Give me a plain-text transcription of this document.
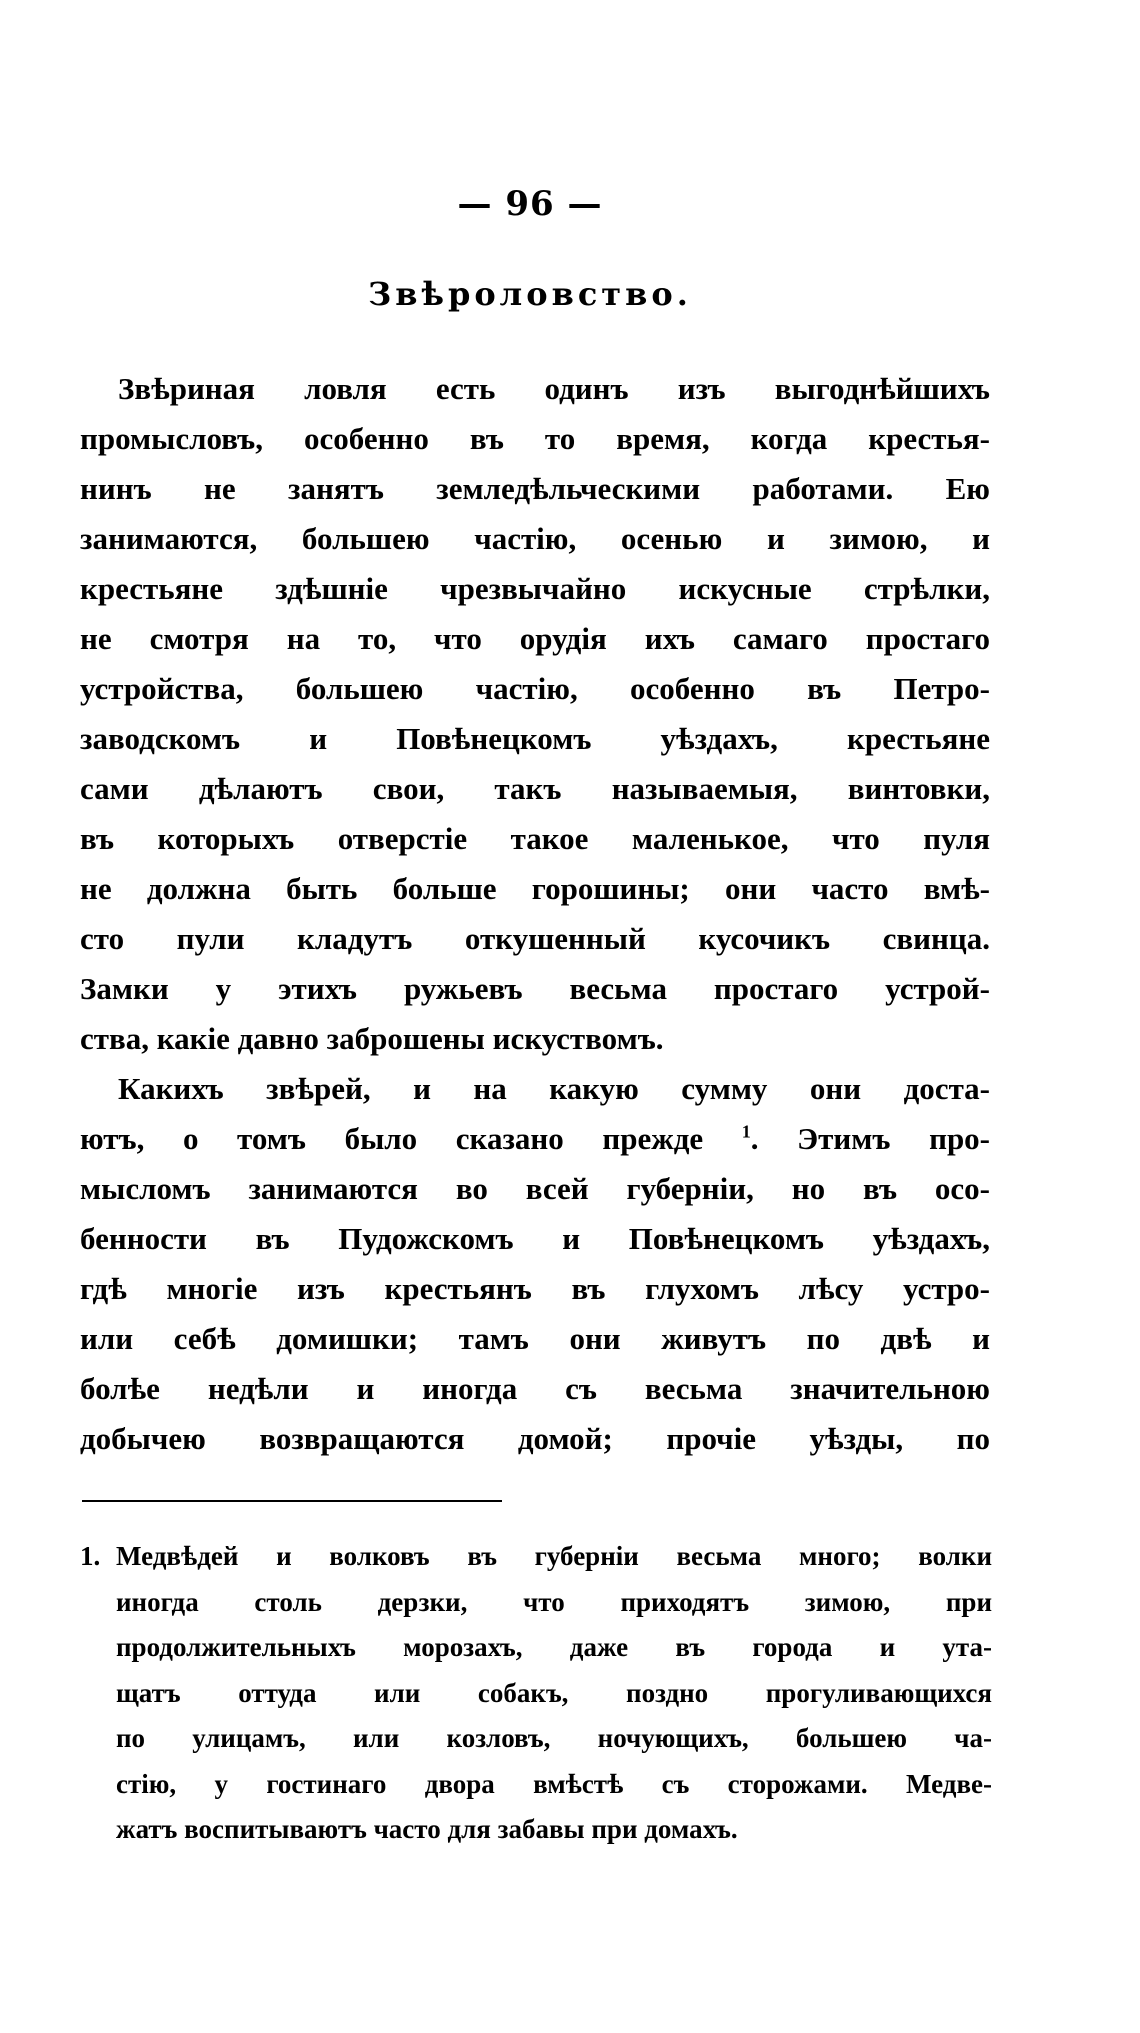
— 96 —
Звѣроловство.
Звѣриная ловля есть одинъ изъ выгоднѣйшихъ
промысловъ, особенно въ то время, когда крестья-
нинъ не занятъ земледѣльческими работами. Ею
занимаются, большею частію, осенью и зимою, и
крестьяне здѣшніе чрезвычайно искусные стрѣлки,
не смотря на то, что орудія ихъ самаго простаго
устройства, большею частію, особенно въ Петро-
заводскомъ и Повѣнецкомъ уѣздахъ, крестьяне
сами дѣлаютъ свои, такъ называемыя, винтовки,
въ которыхъ отверстіе такое маленькое, что пуля
не должна быть больше горошины; они часто вмѣ-
сто пули кладутъ откушенный кусочикъ свинца.
Замки у этихъ ружьевъ весьма простаго устрой-
ства, какіе давно заброшены искуствомъ.
Какихъ звѣрей, и на какую сумму они доста-
ютъ, о томъ было сказано прежде $^1$. Этимъ про-
мысломъ занимаются во всей губерніи, но въ осо-
бенности въ Пудожскомъ и Повѣнецкомъ уѣздахъ,
гдѣ многіе изъ крестьянъ въ глухомъ лѣсу устро-
или себѣ домишки; тамъ они живутъ по двѣ и
болѣе недѣли и иногда съ весьма значительною
добычею возвращаются домой; прочіе уѣзды, по
1. Медвѣдей и волковъ въ губерніи весьма много; волки
иногда столь дерзки, что приходятъ зимою, при
продолжительныхъ морозахъ, даже въ города и ута-
щатъ оттуда или собакъ, поздно прогуливающихся
по улицамъ, или козловъ, ночующихъ, большею ча-
стію, у гостинаго двора вмѣстѣ съ сторожами. Медве-
жатъ воспитываютъ часто для забавы при домахъ.
